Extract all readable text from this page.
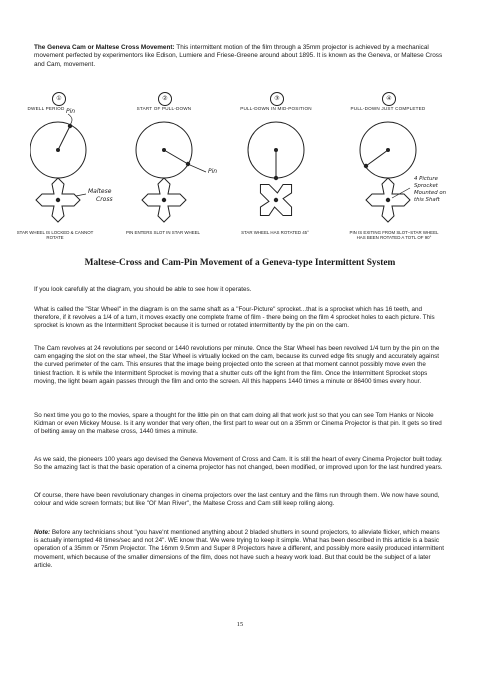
The Geneva Cam or Maltese Cross Movement: This intermittent motion of the film through a 35mm projector is achieved by a mechanical movement perfected by experimentors like Edison, Lumiere and Friese-Greene around about 1895. It is known as the Geneva, or Maltese Cross and Cam, movement.

①	②	③	④
DWELL PERIOD	START OF PULL-DOWN	PULL-DOWN IN MID-POSITION	PULL-DOWN JUST COMPLETED
Pin
Maltese
Cross
Pin
4 Picture
Sprocket
Mounted on
this Shaft
STAR WHEEL IS LOCKED & CANNOT ROTATE
PIN ENTERS SLOT IN STAR WHEEL	STAR WHEEL HAS ROTATED 45°	PIN IS EXITING FROM SLOT–STAR WHEEL HAS BEEN ROTATED A TOTL OF 90°
Maltese-Cross and Cam-Pin Movement of a Geneva-type Intermittent System

If you look carefully at the diagram, you should be able to see how it operates.

What is called the "Star Wheel" in the diagram is on the same shaft as a "Four-Picture" sprocket...that is a sprocket which has 16 teeth, and therefore, if it revolves a 1/4 of a turn, it moves exactly one complete frame of film - there being on the film 4 sprocket holes to each picture. This sprocket is known as the Intermittent Sprocket because it is turned or rotated intermittently by the pin on the cam.

The Cam revolves at 24 revolutions per second or 1440 revolutions per minute. Once the Star Wheel has been revolved 1/4 turn by the pin on the cam engaging the slot on the star wheel, the Star Wheel is virtually locked on the cam, because its curved edge fits snugly and accurately against the curved perimeter of the cam. This ensures that the image being projected onto the screen at that moment cannot possibly move even the tiniest fraction. It is while the Intermittent Sprocket is moving that a shutter cuts off the light from the film. Once the Intermittent Sprocket stops moving, the light beam again passes through the film and onto the screen. All this happens 1440 times a minute or 86400 times every hour.

So next time you go to the movies, spare a thought for the little pin on that cam doing all that work just so that you can see Tom Hanks or Nicole Kidman or even Mickey Mouse. Is it any wonder that very often, the first part to wear out on a 35mm or Cinema Projector is that pin. It gets so tired of belting away on the maltese cross, 1440 times a minute.

As we said, the pioneers 100 years ago devised the Geneva Movement of Cross and Cam. It is still the heart of every Cinema Projector built today. So the amazing fact is that the basic operation of a cinema projector has not changed, been modified, or improved upon for the last hundred years.

Of course, there have been revolutionary changes in cinema projectors over the last century and the films run through them. We now have sound, colour and wide screen formats; but like "Ol' Man River", the Maltese Cross and Cam still keep rolling along.

Note: Before any technicians shout "you have'nt mentioned anything about 2 bladed shutters in sound projectors, to alleviate flicker, which means is actually interrupted 48 times/sec and not 24". WE know that. We were trying to keep it simple. What has been described in this article is a basic operation of a 35mm or 75mm Projector. The 16mm 9.5mm and Super 8 Projectors have a different, and possibly more easily produced intermittent movement, which because of the smaller dimensions of the film, does not have such a heavy work load. But that could be the subject of a later article.

15
